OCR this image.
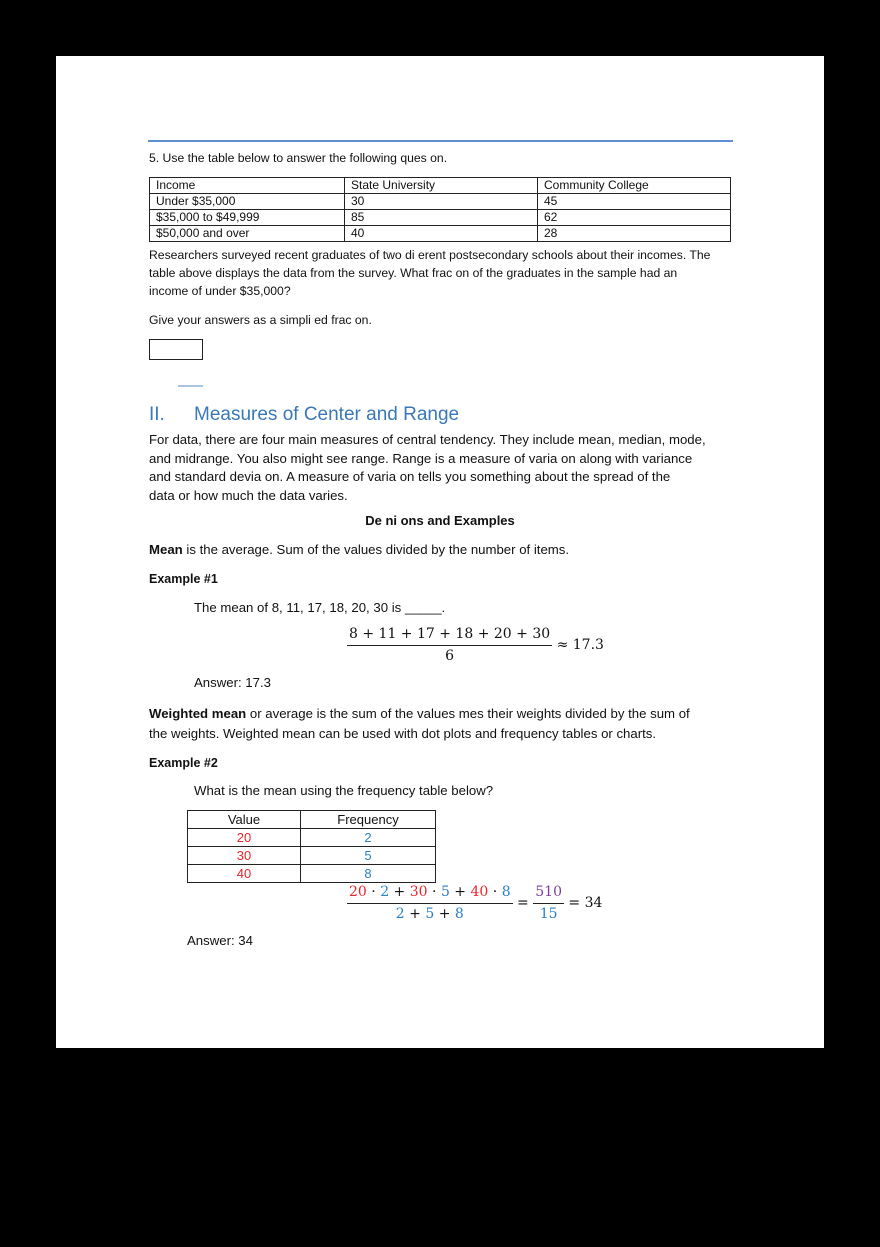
5. Use the table below to answer the following ques on.
Income	State University	Community College
Under $35,000	30	45
$35,000 to $49,999	85	62
$50,000 and over	40	28
Researchers surveyed recent graduates of two di erent postsecondary schools about their incomes. The
table above displays the data from the survey. What frac on of the graduates in the sample had an
income of under $35,000?
Give your answers as a simpli ed frac on.
II. Measures of Center and Range
For data, there are four main measures of central tendency. They include mean, median, mode,
and midrange. You also might see range. Range is a measure of varia on along with variance
and standard devia on. A measure of varia on tells you something about the spread of the
data or how much the data varies.
De ni ons and Examples
Mean is the average. Sum of the values divided by the number of items.
Example #1
The mean of 8, 11, 17, 18, 20, 30 is _____.
$\frac{8 + 11 + 17 + 18 + 20 + 30}{6} \approx 17.3$
Answer: 17.3
Weighted mean or average is the sum of the values mes their weights divided by the sum of
the weights. Weighted mean can be used with dot plots and frequency tables or charts.
Example #2
What is the mean using the frequency table below?
Value	Frequency
20	2
30	5
40	8
$\frac{20 \cdot 2 + 30 \cdot 5 + 40 \cdot 8}{2 + 5 + 8} = \frac{510}{15} = 34$
Answer: 34
